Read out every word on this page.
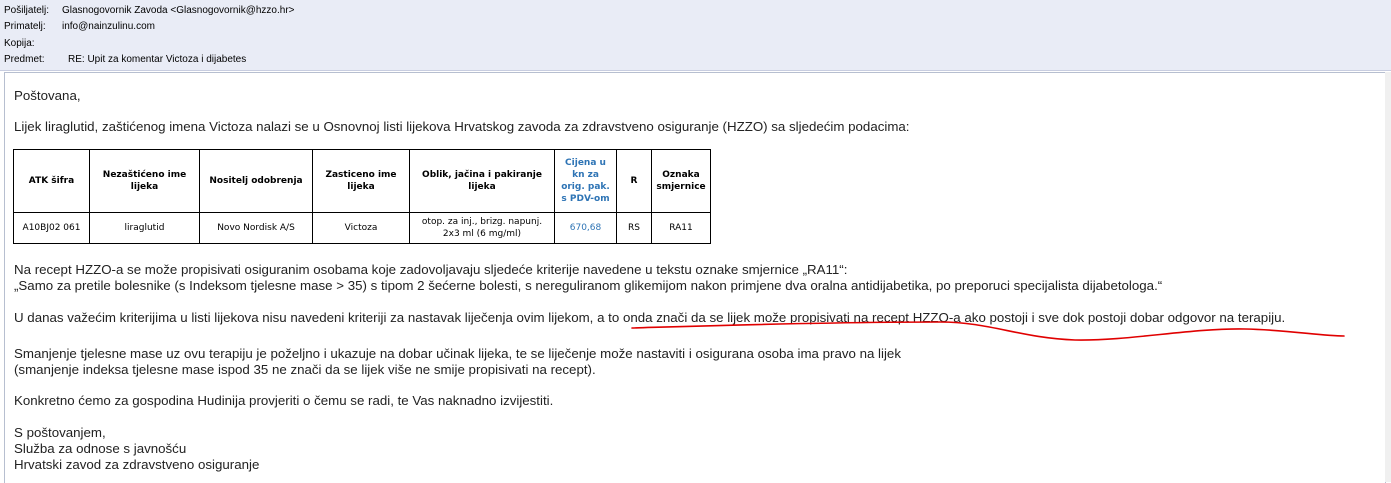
Pošiljatelj: Glasnogovornik Zavoda <Glasnogovornik@hzzo.hr>
Primatelj: info@nainzulinu.com
Kopija:
Predmet: RE: Upit za komentar Victoza i dijabetes
Poštovana,
Lijek liraglutid, zaštićenog imena Victoza nalazi se u Osnovnoj listi lijekova Hrvatskog zavoda za zdravstveno osiguranje (HZZO) sa sljedećim podacima:
ATK šifra	Nezaštićeno ime lijeka	Nositelj odobrenja	Zasticeno ime lijeka	Oblik, jačina i pakiranje lijeka	Cijena u kn za orig. pak. s PDV-om	R	Oznaka smjernice
A10BJ02 061	liraglutid	Novo Nordisk A/S	Victoza	otop. za inj., brizg. napunj. 2x3 ml (6 mg/ml)	670,68	RS	RA11
Na recept HZZO-a se može propisivati osiguranim osobama koje zadovoljavaju sljedeće kriterije navedene u tekstu oznake smjernice „RA11“:
„Samo za pretile bolesnike (s Indeksom tjelesne mase > 35) s tipom 2 šećerne bolesti, s nereguliranom glikemijom nakon primjene dva oralna antidijabetika, po preporuci specijalista dijabetologa.“
U danas važećim kriterijima u listi lijekova nisu navedeni kriteriji za nastavak liječenja ovim lijekom, a to onda znači da se lijek može propisivati na recept HZZO-a ako postoji i sve dok postoji dobar odgovor na terapiju.
Smanjenje tjelesne mase uz ovu terapiju je poželjno i ukazuje na dobar učinak lijeka, te se liječenje može nastaviti i osigurana osoba ima pravo na lijek
(smanjenje indeksa tjelesne mase ispod 35 ne znači da se lijek više ne smije propisivati na recept).
Konkretno ćemo za gospodina Hudinija provjeriti o čemu se radi, te Vas naknadno izvijestiti.
S poštovanjem,
Služba za odnose s javnošću
Hrvatski zavod za zdravstveno osiguranje
